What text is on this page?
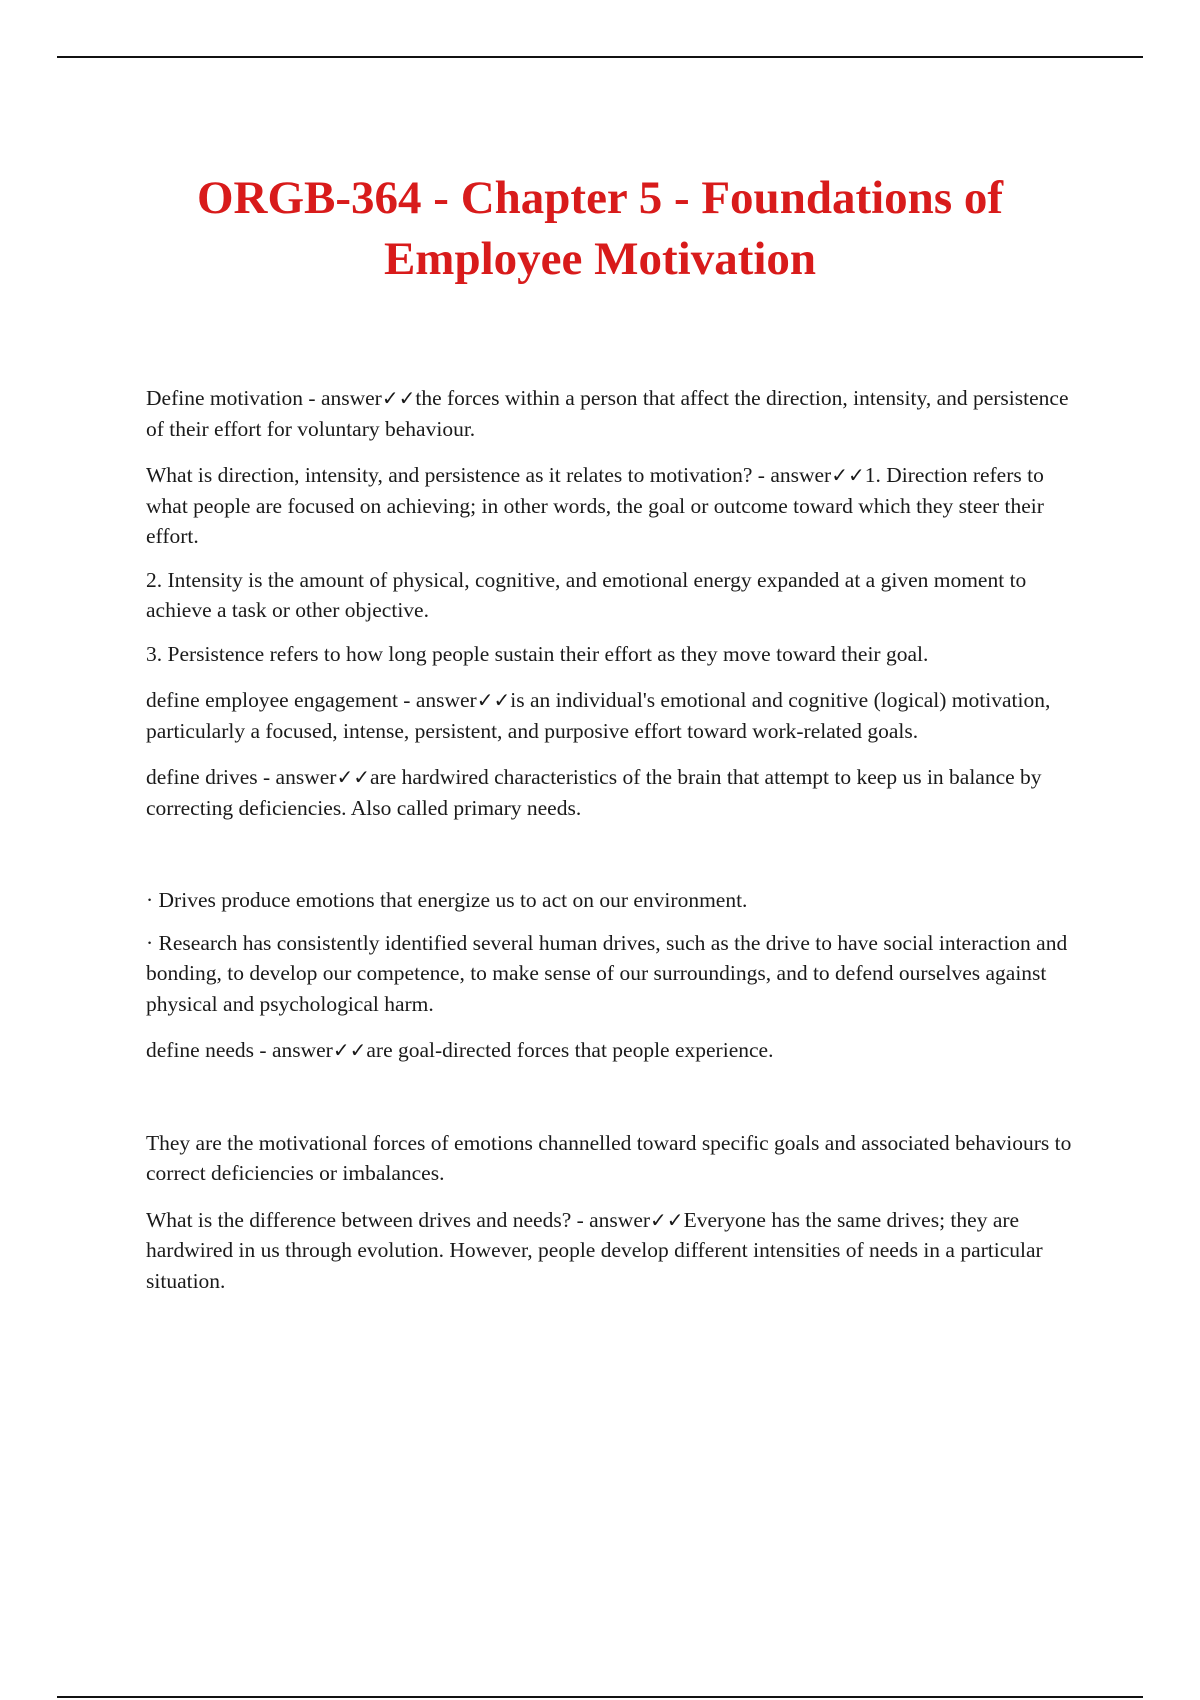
ORGB-364 - Chapter 5 - Foundations of Employee Motivation

Define motivation - answer✓✓the forces within a person that affect the direction, intensity, and persistence of their effort for voluntary behaviour.

What is direction, intensity, and persistence as it relates to motivation? - answer✓✓1. Direction refers to what people are focused on achieving; in other words, the goal or outcome toward which they steer their effort.

2. Intensity is the amount of physical, cognitive, and emotional energy expanded at a given moment to achieve a task or other objective.

3. Persistence refers to how long people sustain their effort as they move toward their goal.

define employee engagement - answer✓✓is an individual's emotional and cognitive (logical) motivation, particularly a focused, intense, persistent, and purposive effort toward work-related goals.

define drives - answer✓✓are hardwired characteristics of the brain that attempt to keep us in balance by correcting deficiencies. Also called primary needs.

· Drives produce emotions that energize us to act on our environment.

· Research has consistently identified several human drives, such as the drive to have social interaction and bonding, to develop our competence, to make sense of our surroundings, and to defend ourselves against physical and psychological harm.

define needs - answer✓✓are goal-directed forces that people experience.

They are the motivational forces of emotions channelled toward specific goals and associated behaviours to correct deficiencies or imbalances.

What is the difference between drives and needs? - answer✓✓Everyone has the same drives; they are hardwired in us through evolution. However, people develop different intensities of needs in a particular situation.
